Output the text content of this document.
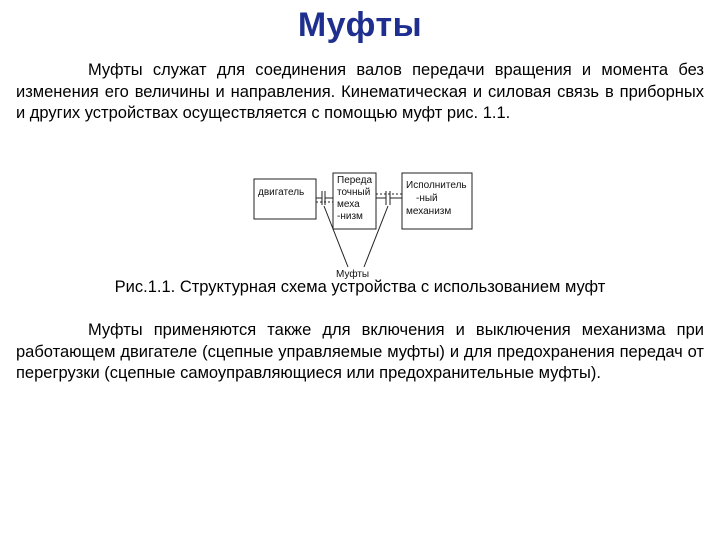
Муфты

Муфты служат для соединения валов передачи вращения и момента без изменения его величины и направления. Кинематическая и силовая связь в приборных и других устройствах осуществляется с помощью муфт рис. 1.1.

двигатель
Переда
точный
меха
-низм
Исполнитель
-ный
механизм
Муфты
Рис.1.1. Структурная схема устройства с использованием муфт

Муфты применяются также для включения и выключения механизма при работающем двигателе (сцепные управляемые муфты) и для предохранения передач от перегрузки (сцепные самоуправляющиеся или предохранительные муфты).
